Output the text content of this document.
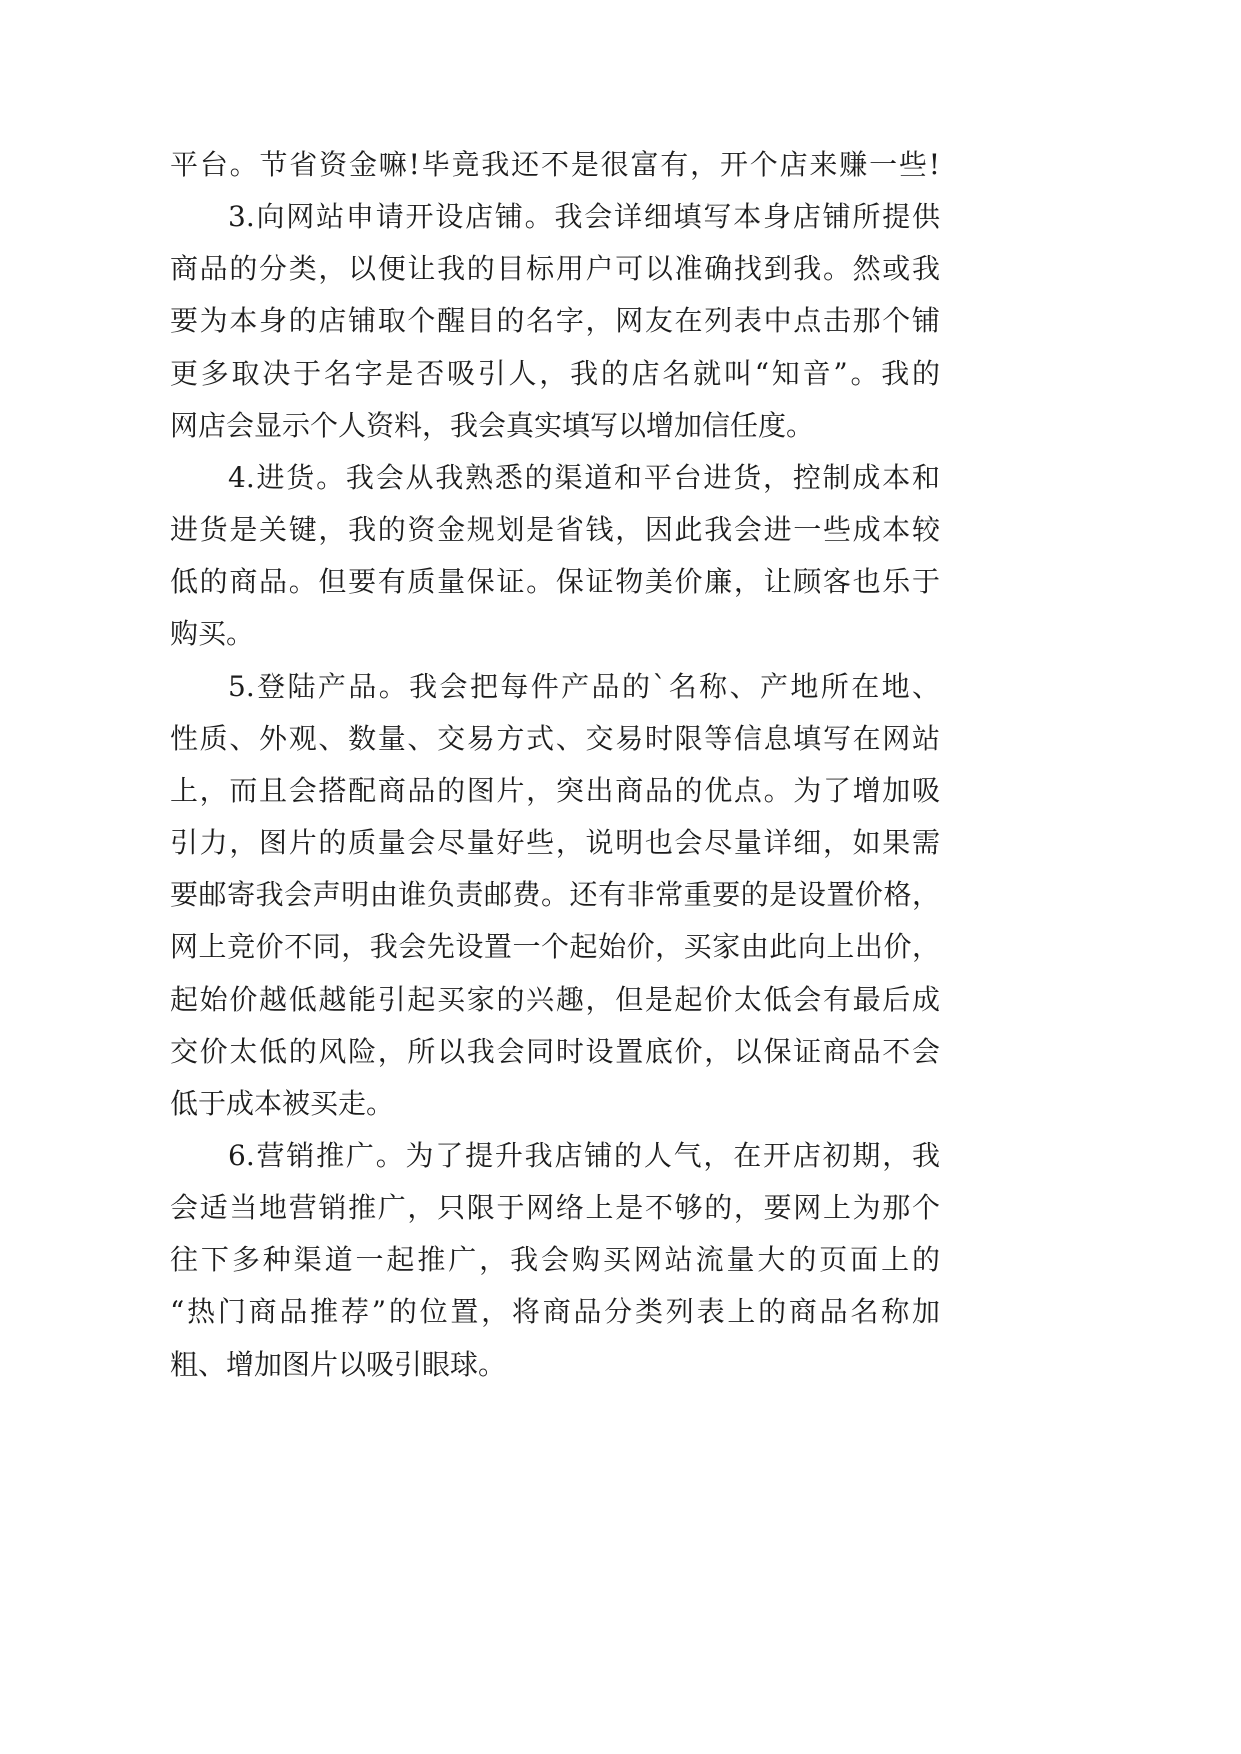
平台。节省资金嘛!毕竟我还不是很富有，开个店来赚一些!
3.向网站申请开设店铺。我会详细填写本身店铺所提供
商品的分类，以便让我的目标用户可以准确找到我。然或我
要为本身的店铺取个醒目的名字，网友在列表中点击那个铺
更多取决于名字是否吸引人，我的店名就叫“知音”。我的
网店会显示个人资料，我会真实填写以增加信任度。
4.进货。我会从我熟悉的渠道和平台进货，控制成本和
进货是关键，我的资金规划是省钱，因此我会进一些成本较
低的商品。但要有质量保证。保证物美价廉，让顾客也乐于
购买。
5.登陆产品。我会把每件产品的`名称、产地所在地、
性质、外观、数量、交易方式、交易时限等信息填写在网站
上，而且会搭配商品的图片，突出商品的优点。为了增加吸
引力，图片的质量会尽量好些，说明也会尽量详细，如果需
要邮寄我会声明由谁负责邮费。还有非常重要的是设置价格，
网上竞价不同，我会先设置一个起始价，买家由此向上出价，
起始价越低越能引起买家的兴趣，但是起价太低会有最后成
交价太低的风险，所以我会同时设置底价，以保证商品不会
低于成本被买走。
6.营销推广。为了提升我店铺的人气，在开店初期，我
会适当地营销推广，只限于网络上是不够的，要网上为那个
往下多种渠道一起推广，我会购买网站流量大的页面上的
“热门商品推荐”的位置，将商品分类列表上的商品名称加
粗、增加图片以吸引眼球。
